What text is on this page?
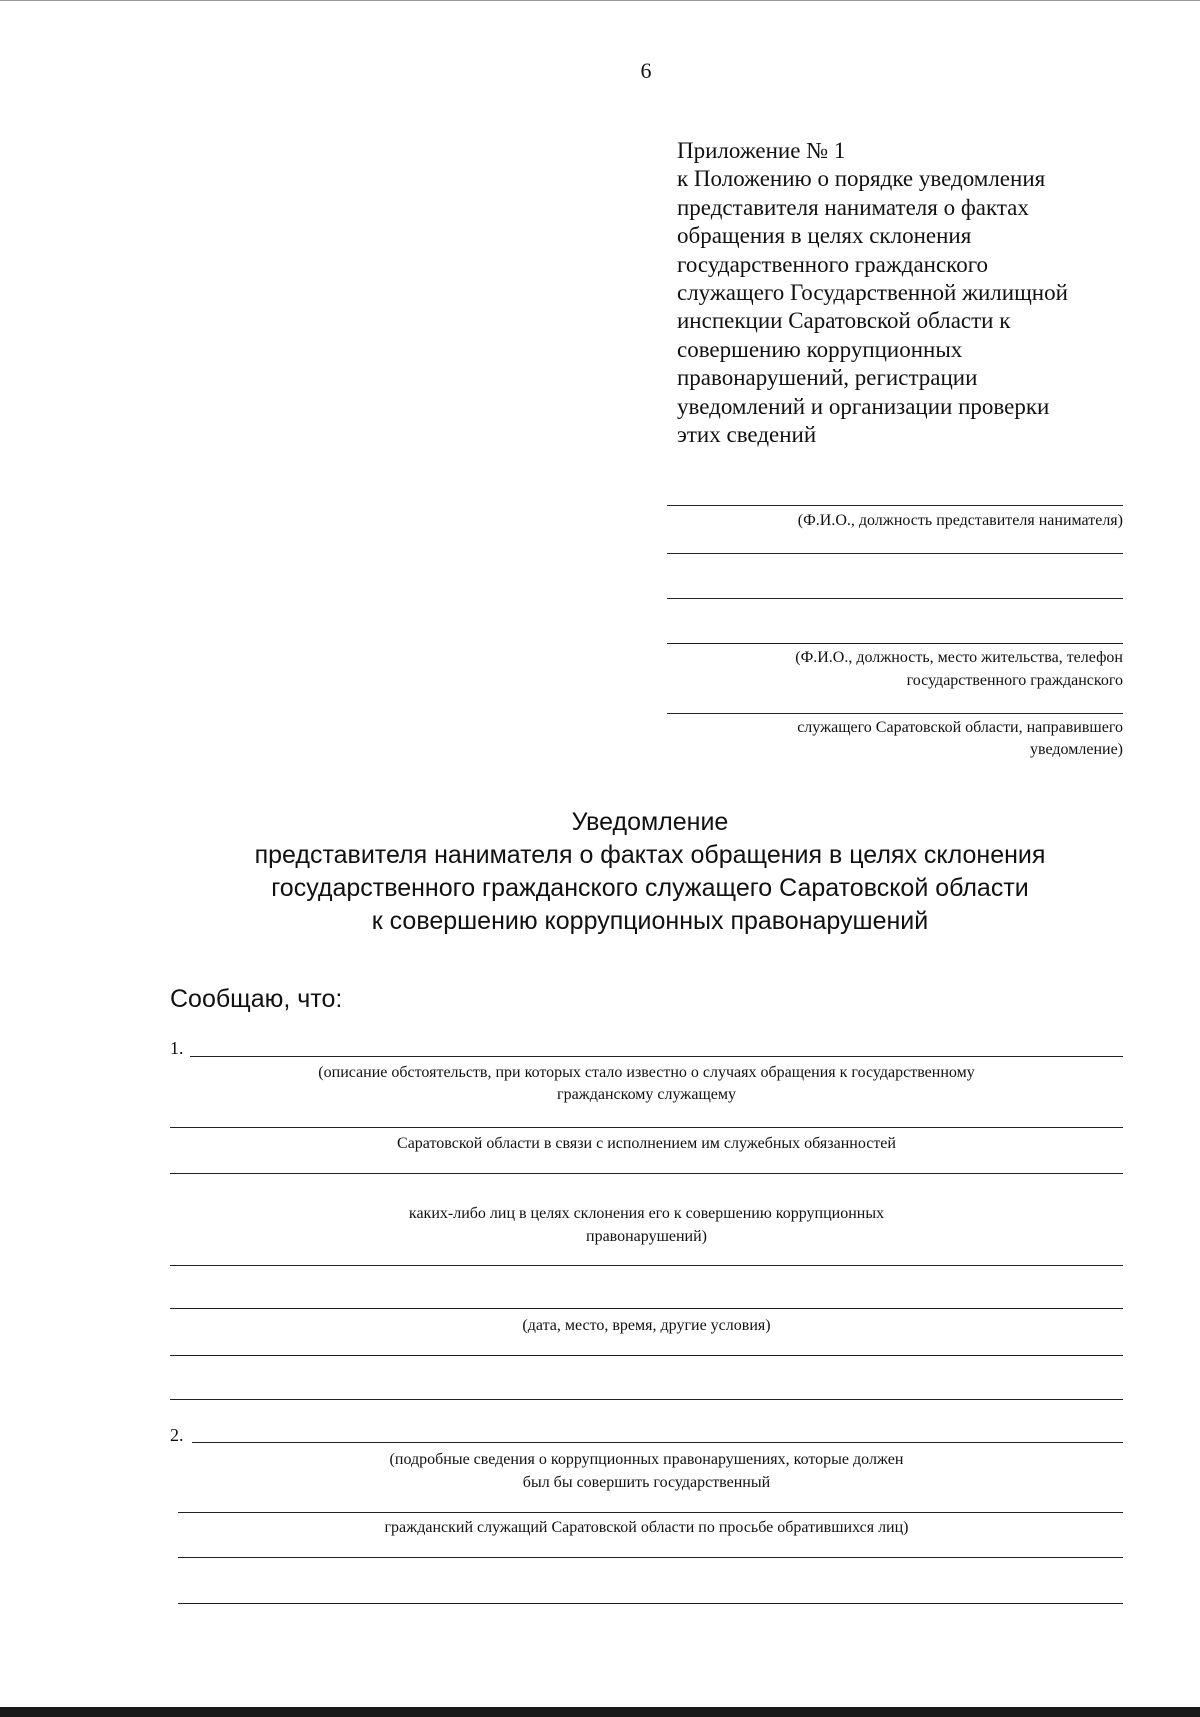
6
Приложение № 1
к Положению о порядке уведомления
представителя нанимателя о фактах
обращения в целях склонения
государственного гражданского
служащего Государственной жилищной
инспекции Саратовской области к
совершению коррупционных
правонарушений, регистрации
уведомлений и организации проверки
этих сведений
(Ф.И.О., должность представителя нанимателя)
(Ф.И.О., должность, место жительства, телефон
государственного гражданского
служащего Саратовской области, направившего
уведомление)
Уведомление
представителя нанимателя о фактах обращения в целях склонения
государственного гражданского служащего Саратовской области
к совершению коррупционных правонарушений
Сообщаю, что:
1.
(описание обстоятельств, при которых стало известно о случаях обращения к государственному
гражданскому служащему
Саратовской области в связи с исполнением им служебных обязанностей
каких-либо лиц в целях склонения его к совершению коррупционных
правонарушений)
(дата, место, время, другие условия)
2.
(подробные сведения о коррупционных правонарушениях, которые должен
был бы совершить государственный
гражданский служащий Саратовской области по просьбе обратившихся лиц)
